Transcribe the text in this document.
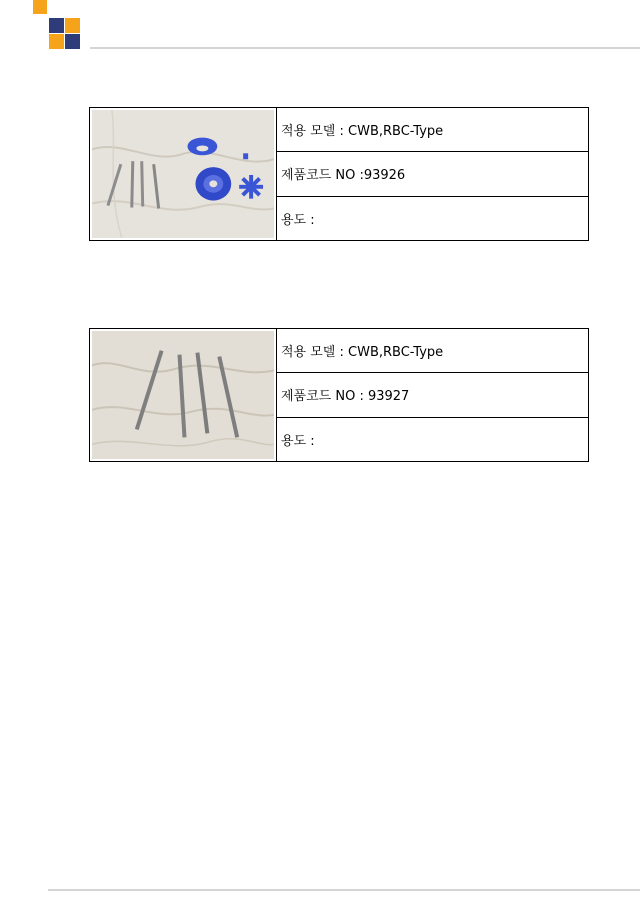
적용 모델 : CWB,RBC-Type
제품코드 NO :93926
용도 :
적용 모델 : CWB,RBC-Type
제품코드 NO : 93927
용도 :
